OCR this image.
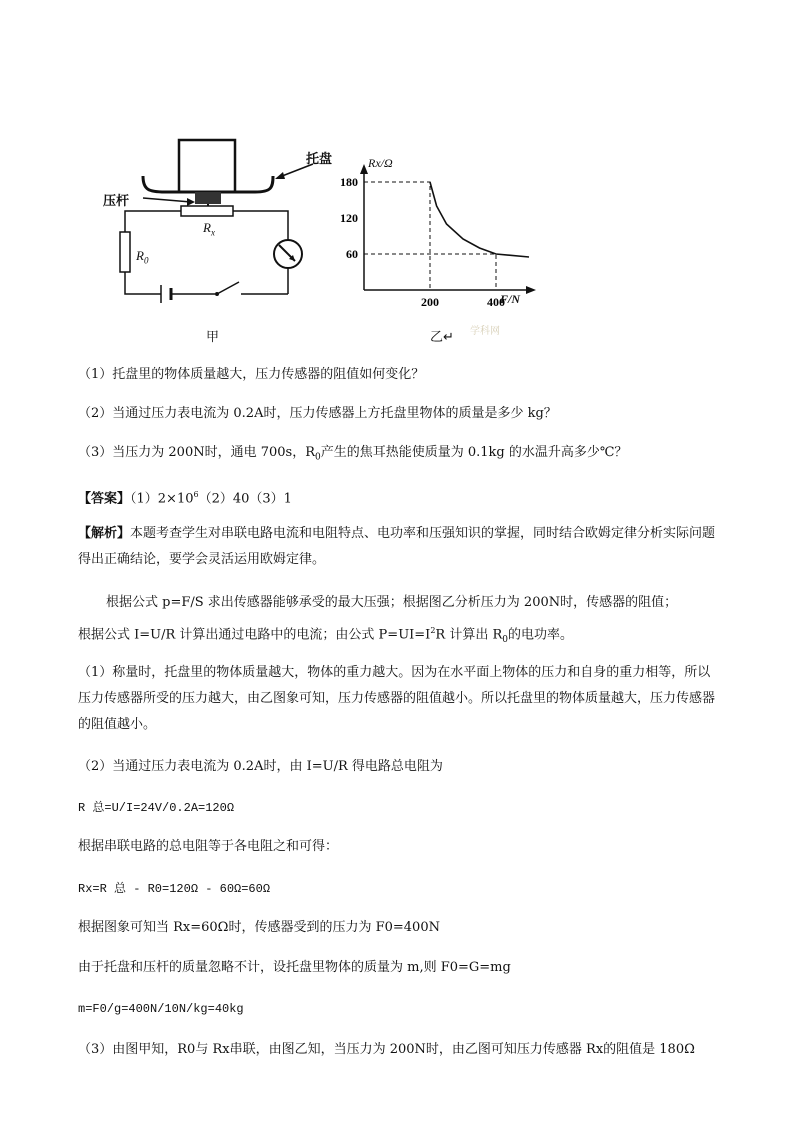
托盘
压杆
$R_x$
$R_0$
甲
180
120
60
200	400
Rx/Ω
F/N
乙↵ 学科网
（1）托盘里的物体质量越大，压力传感器的阻值如何变化？
（2）当通过压力表电流为 0.2A时，压力传感器上方托盘里物体的质量是多少 kg？
（3）当压力为 200N时，通电 700s，$R_0$产生的焦耳热能使质量为 0.1kg 的水温升高多少℃？
【答案】$(1)2\times 10^6(2)40(3)1$
【解析】本题考查学生对串联电路电流和电阻特点、电功率和压强知识的掌握，同时结合欧姆定律分析实际问题得出正确结论，要学会灵活运用欧姆定律。
根据公式 p=F/S 求出传感器能够承受的最大压强；根据图乙分析压力为 200N时，传感器的阻值；
根据公式 I=U/R 计算出通过电路中的电流；由公式 $P=UI=I^2R$ 计算出 $R_0$的电功率。
（1）称量时，托盘里的物体质量越大，物体的重力越大。因为在水平面上物体的压力和自身的重力相等，所以压力传感器所受的压力越大，由乙图象可知，压力传感器的阻值越小。所以托盘里的物体质量越大，压力传感器的阻值越小。
（2）当通过压力表电流为 0.2A时，由 I=U/R 得电路总电阻为
R 总=U/I=24V/0.2A=120Ω
根据串联电路的总电阻等于各电阻之和可得：
Rx=R 总 - R0=120Ω - 60Ω=60Ω
根据图象可知当 Rx=60Ω时，传感器受到的压力为 F0=400N
由于托盘和压杆的质量忽略不计，设托盘里物体的质量为 m,则 F0=G=mg
m=F0/g=400N/10N/kg=40kg
（3）由图甲知，R0与 Rx串联，由图乙知，当压力为 200N时，由乙图可知压力传感器 Rx的阻值是 180Ω
